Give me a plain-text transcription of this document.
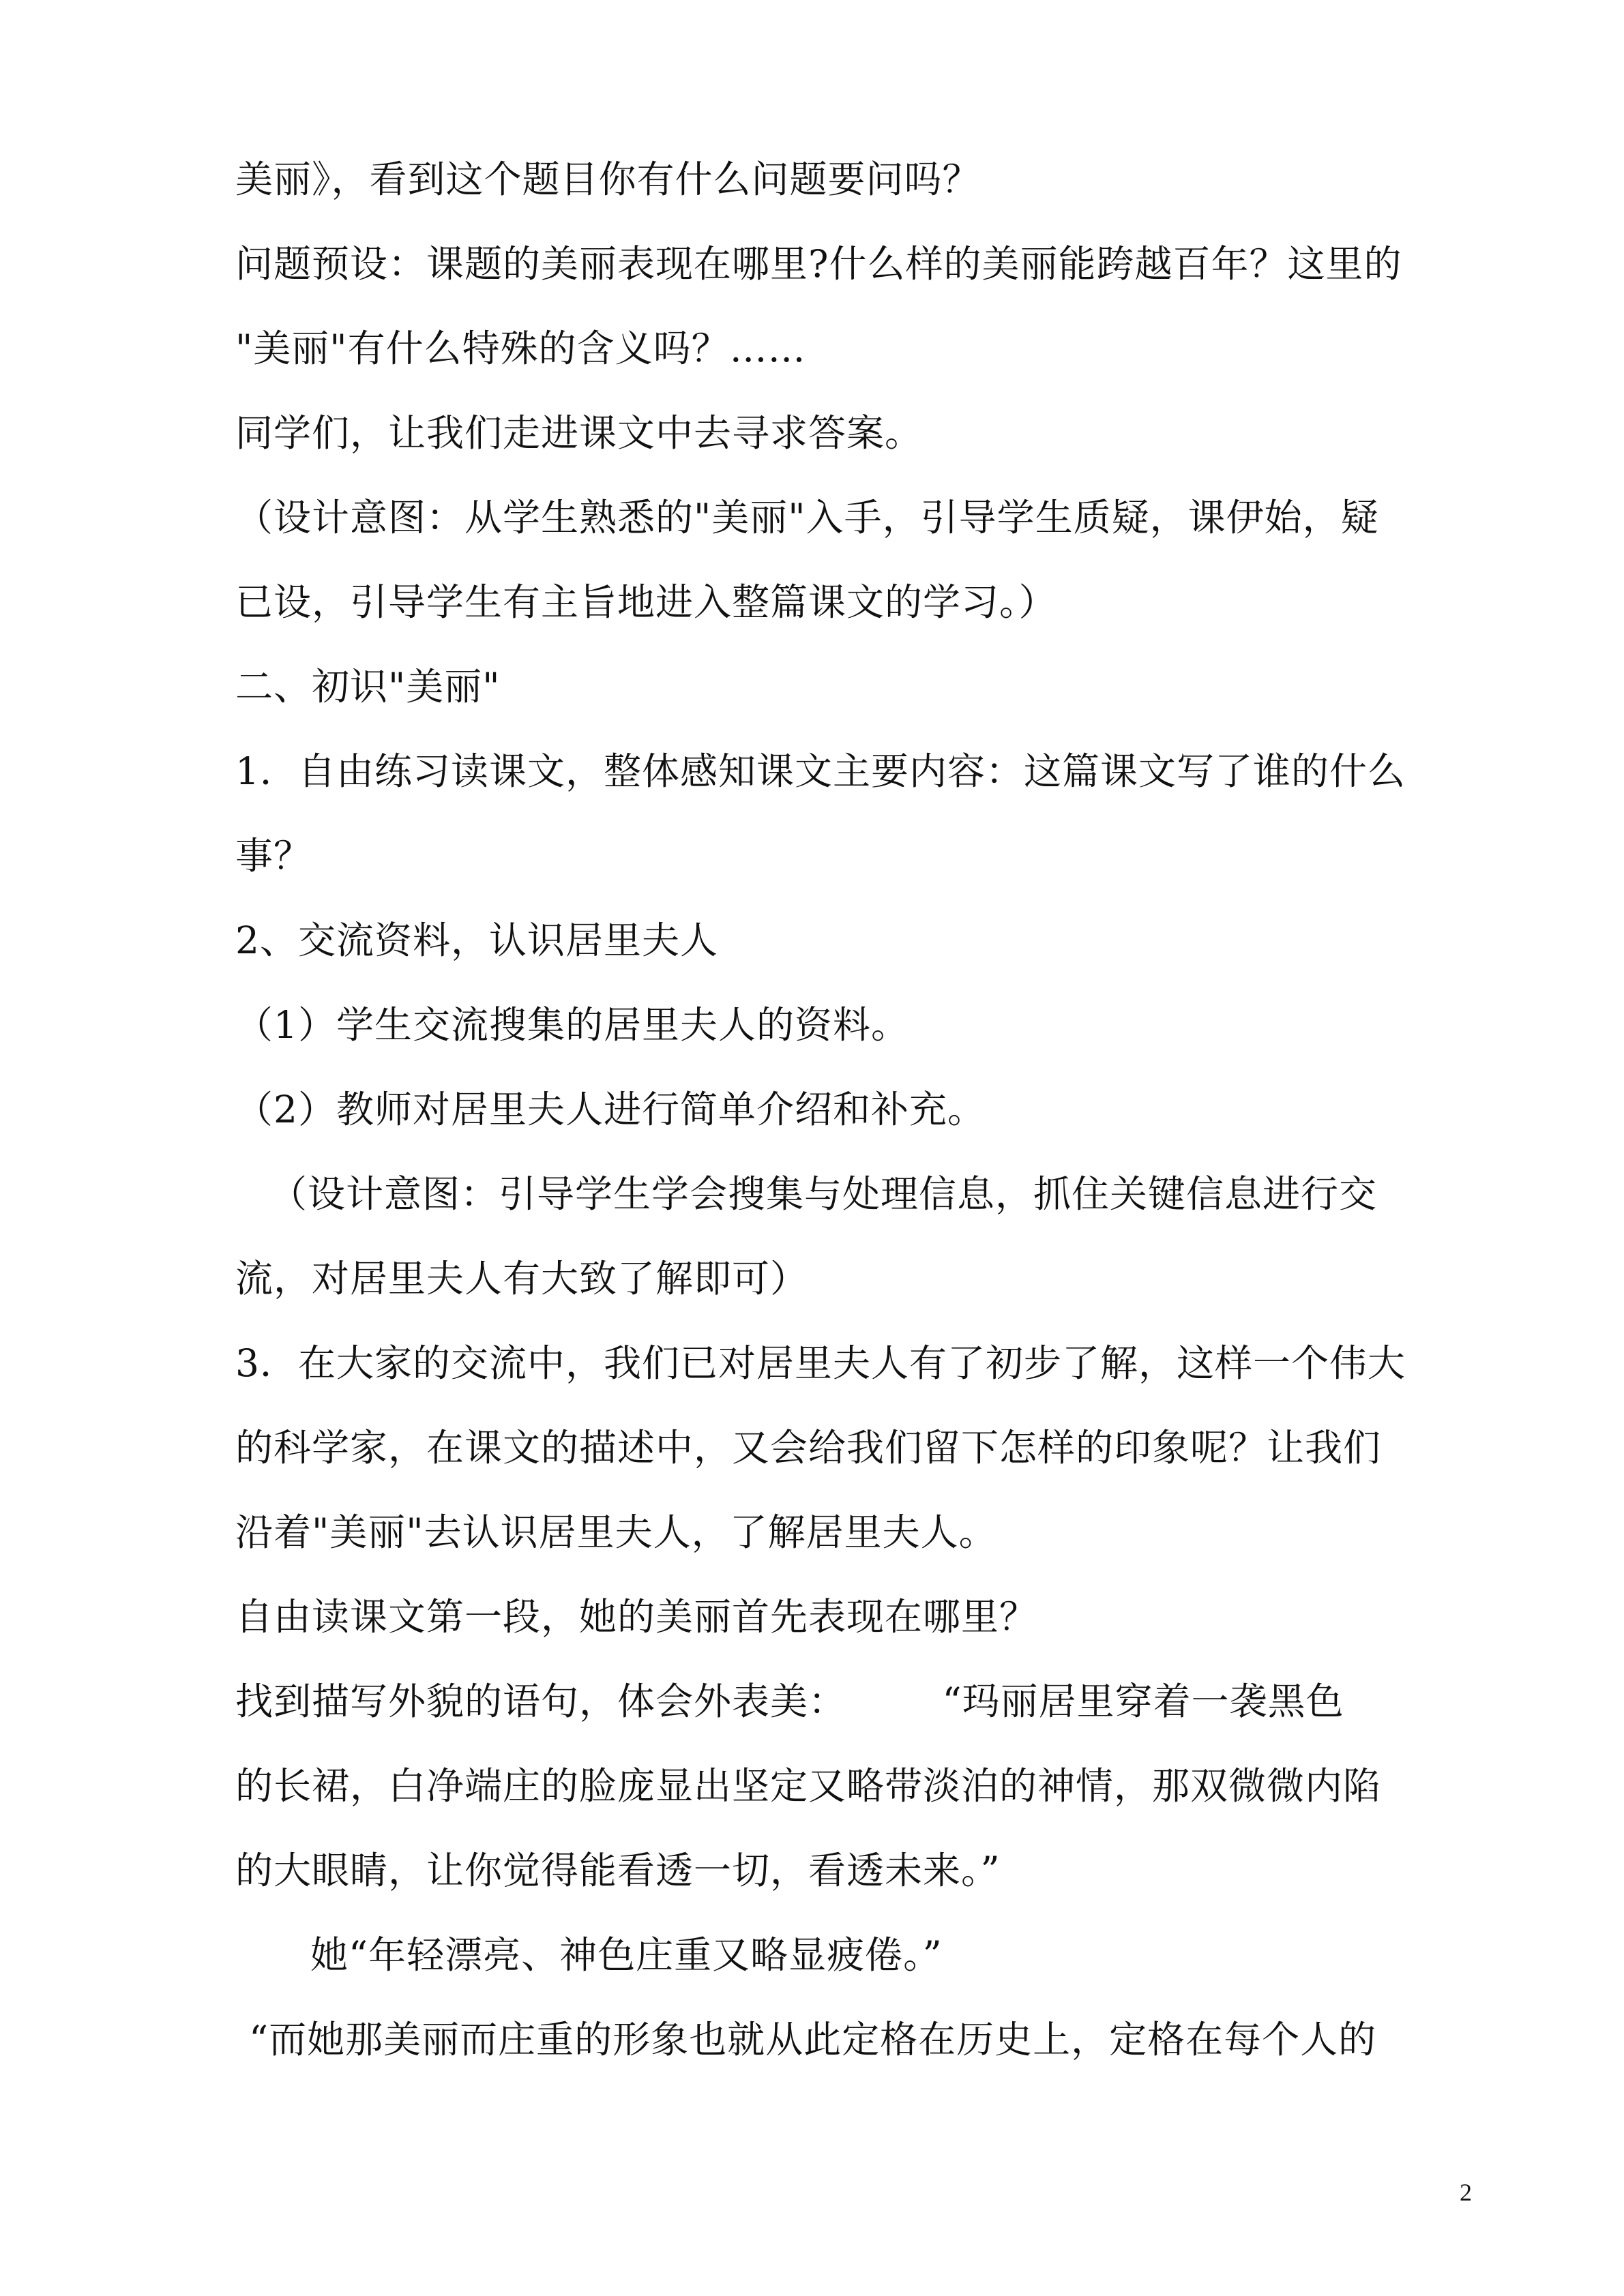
美丽》，看到这个题目你有什么问题要问吗？
问题预设：课题的美丽表现在哪里?什么样的美丽能跨越百年？这里的
"美丽"有什么特殊的含义吗？……
同学们，让我们走进课文中去寻求答案。
（设计意图：从学生熟悉的"美丽"入手，引导学生质疑，课伊始，疑
已设，引导学生有主旨地进入整篇课文的学习。）
二、初识"美丽"
1．自由练习读课文，整体感知课文主要内容：这篇课文写了谁的什么
事？
2、交流资料，认识居里夫人
（1）学生交流搜集的居里夫人的资料。
（2）教师对居里夫人进行简单介绍和补充。
（设计意图：引导学生学会搜集与处理信息，抓住关键信息进行交
流，对居里夫人有大致了解即可）
3．在大家的交流中，我们已对居里夫人有了初步了解，这样一个伟大
的科学家，在课文的描述中，又会给我们留下怎样的印象呢？让我们
沿着"美丽"去认识居里夫人，了解居里夫人。
自由读课文第一段，她的美丽首先表现在哪里？
找到描写外貌的语句，体会外表美：　　　“玛丽居里穿着一袭黑色
的长裙，白净端庄的脸庞显出坚定又略带淡泊的神情，那双微微内陷
的大眼睛，让你觉得能看透一切，看透未来。”
她“年轻漂亮、神色庄重又略显疲倦。”
“而她那美丽而庄重的形象也就从此定格在历史上，定格在每个人的
2
